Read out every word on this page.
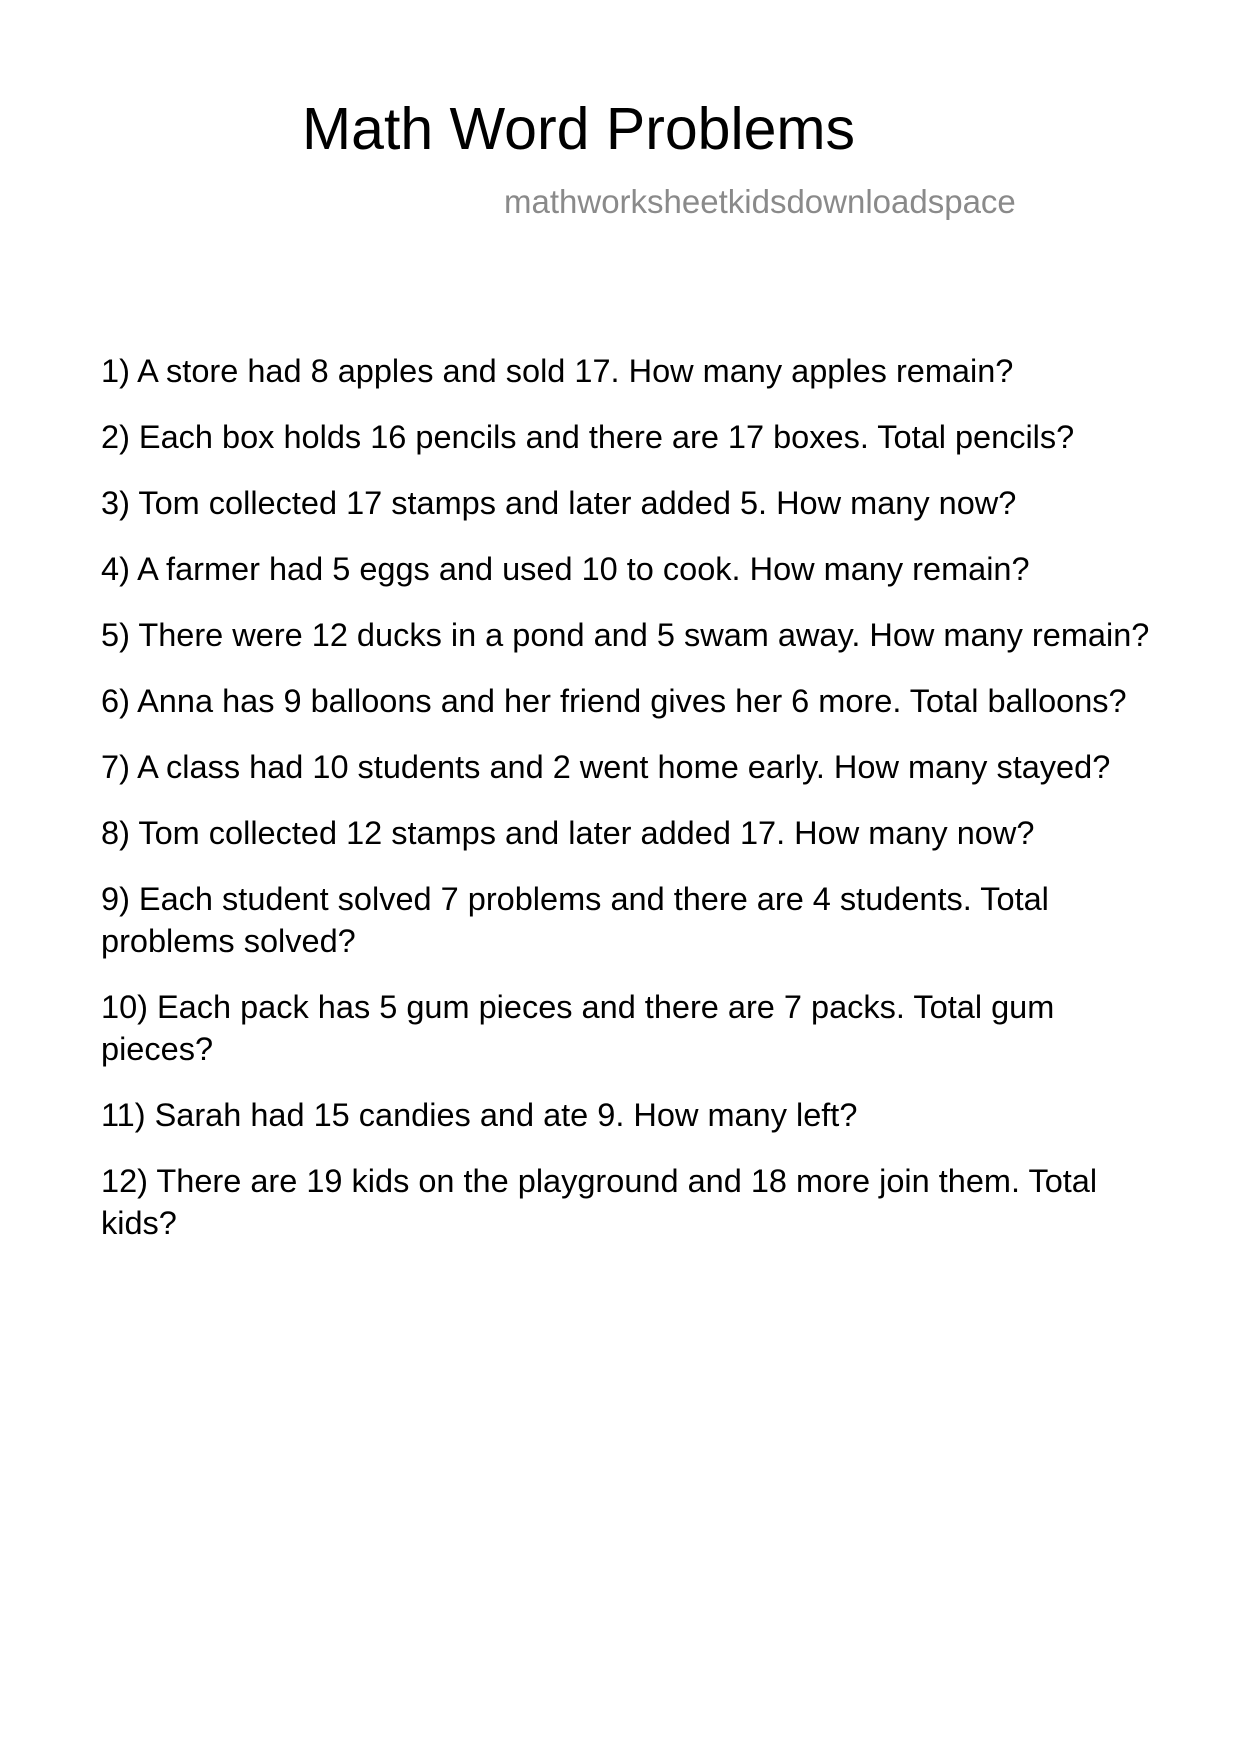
Math Word Problems
mathworksheetkidsdownloadspace
1) A store had 8 apples and sold 17. How many apples remain?
2) Each box holds 16 pencils and there are 17 boxes. Total pencils?
3) Tom collected 17 stamps and later added 5. How many now?
4) A farmer had 5 eggs and used 10 to cook. How many remain?
5) There were 12 ducks in a pond and 5 swam away. How many remain?
6) Anna has 9 balloons and her friend gives her 6 more. Total balloons?
7) A class had 10 students and 2 went home early. How many stayed?
8) Tom collected 12 stamps and later added 17. How many now?
9) Each student solved 7 problems and there are 4 students. Total problems solved?
10) Each pack has 5 gum pieces and there are 7 packs. Total gum pieces?
11) Sarah had 15 candies and ate 9. How many left?
12) There are 19 kids on the playground and 18 more join them. Total kids?
